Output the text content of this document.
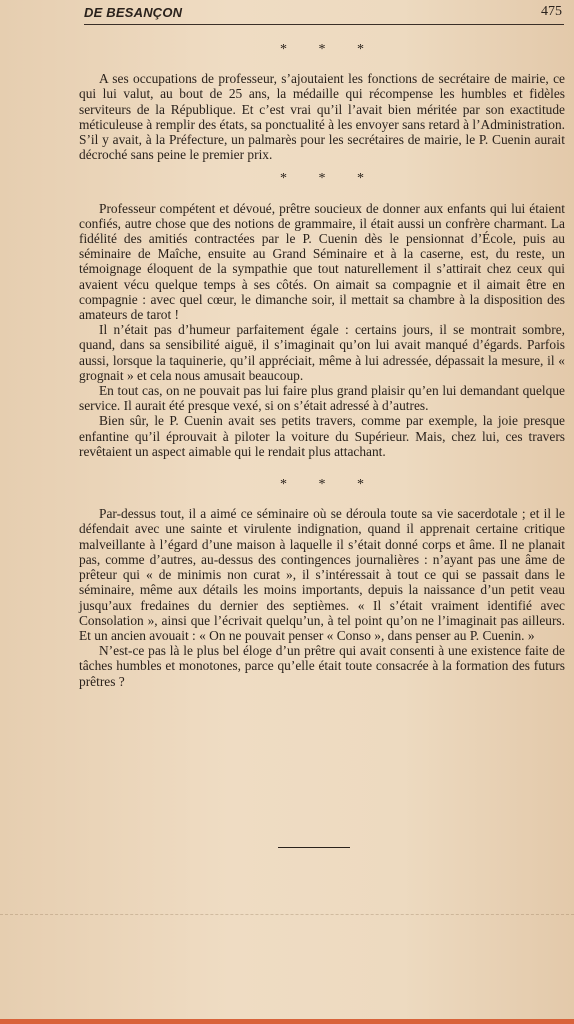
DE BESANÇON	475
* * *

A ses occupations de professeur, s’ajoutaient les fonctions de secrétaire de mairie, ce qui lui valut, au bout de 25 ans, la médaille qui récompense les humbles et fidèles serviteurs de la République. Et c’est vrai qu’il l’avait bien méritée par son exactitude méticuleuse à remplir des états, sa ponctualité à les envoyer sans retard à l’Administration. S’il y avait, à la Préfecture, un palmarès pour les secrétaires de mairie, le P. Cuenin aurait décroché sans peine le premier prix.

* * *

Professeur compétent et dévoué, prêtre soucieux de donner aux enfants qui lui étaient confiés, autre chose que des notions de grammaire, il était aussi un confrère charmant. La fidélité des amitiés contractées par le P. Cuenin dès le pensionnat d’École, puis au séminaire de Maîche, ensuite au Grand Séminaire et à la caserne, est, du reste, un témoignage éloquent de la sympathie que tout naturellement il s’attirait chez ceux qui avaient vécu quelque temps à ses côtés. On aimait sa compagnie et il aimait être en compagnie : avec quel cœur, le dimanche soir, il mettait sa chambre à la disposition des amateurs de tarot !

Il n’était pas d’humeur parfaitement égale : certains jours, il se montrait sombre, quand, dans sa sensibilité aiguë, il s’imaginait qu’on lui avait manqué d’égards. Parfois aussi, lorsque la taquinerie, qu’il appréciait, même à lui adressée, dépassait la mesure, il « grognait » et cela nous amusait beaucoup.

En tout cas, on ne pouvait pas lui faire plus grand plaisir qu’en lui demandant quelque service. Il aurait été presque vexé, si on s’était adressé à d’autres.

Bien sûr, le P. Cuenin avait ses petits travers, comme par exemple, la joie presque enfantine qu’il éprouvait à piloter la voiture du Supérieur. Mais, chez lui, ces travers revêtaient un aspect aimable qui le rendait plus attachant.

* * *

Par-dessus tout, il a aimé ce séminaire où se déroula toute sa vie sacerdotale ; et il le défendait avec une sainte et virulente indignation, quand il apprenait certaine critique malveillante à l’égard d’une maison à laquelle il s’était donné corps et âme. Il ne planait pas, comme d’autres, au-dessus des contingences journalières : n’ayant pas une âme de prêteur qui « de minimis non curat », il s’intéressait à tout ce qui se passait dans le séminaire, même aux détails les moins importants, depuis la naissance d’un petit veau jusqu’aux fredaines du dernier des septièmes. « Il s’était vraiment identifié avec Consolation », ainsi que l’écrivait quelqu’un, à tel point qu’on ne l’imaginait pas ailleurs. Et un ancien avouait : « On ne pouvait penser « Conso », dans penser au P. Cuenin. »

N’est-ce pas là le plus bel éloge d’un prêtre qui avait consenti à une existence faite de tâches humbles et monotones, parce qu’elle était toute consacrée à la formation des futurs prêtres ?
